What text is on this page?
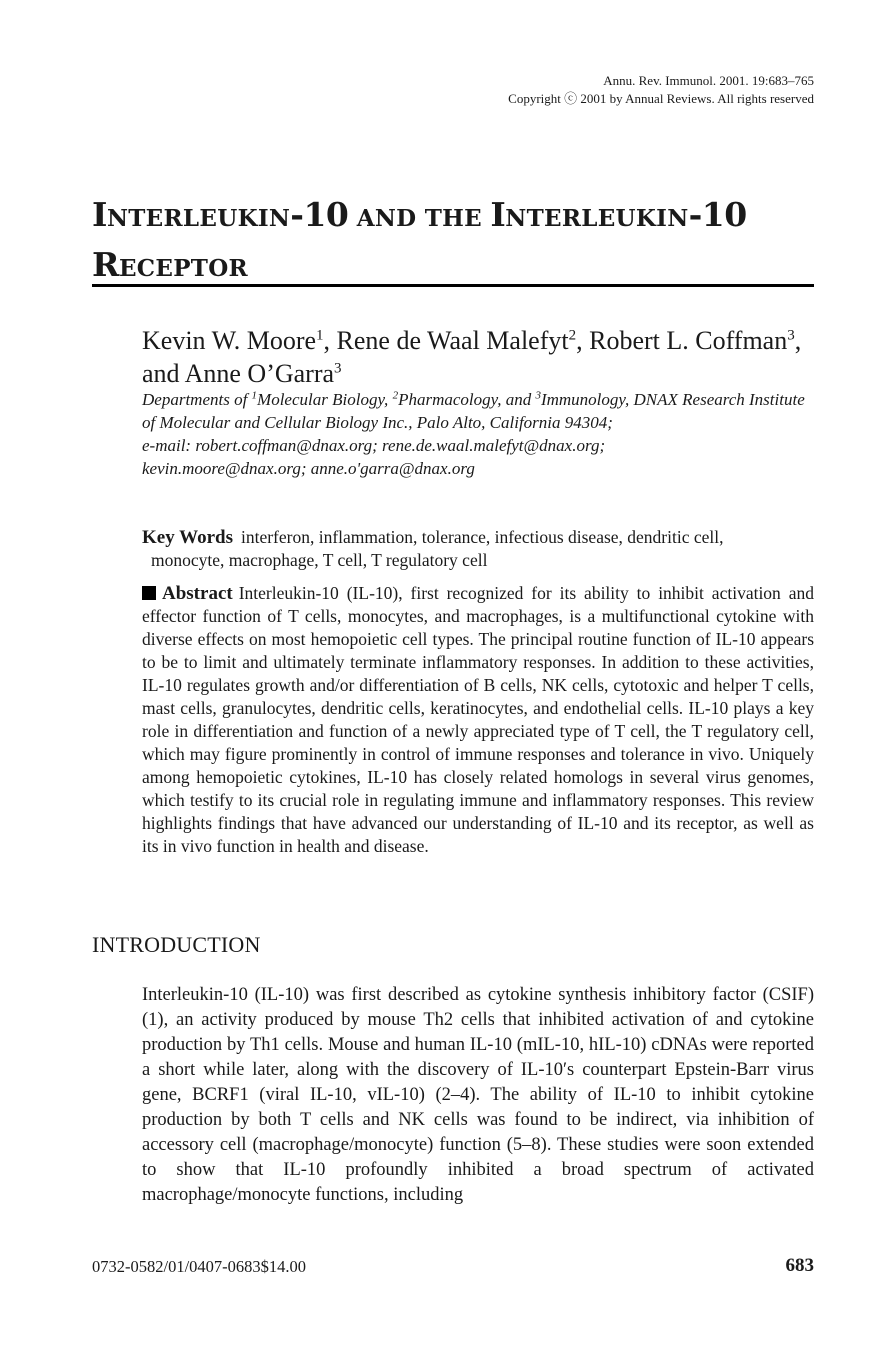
Annu. Rev. Immunol. 2001. 19:683–765
Copyright ⓒ 2001 by Annual Reviews. All rights reserved
INTERLEUKIN-10 AND THE INTERLEUKIN-10
RECEPTOR
Kevin W. Moore$^1$, Rene de Waal Malefyt$^2$, Robert L. Coffman$^3$, and Anne O’Garra$^3$
Departments of $^1$Molecular Biology, $^2$Pharmacology, and $^3$Immunology, DNAX Research Institute of Molecular and Cellular Biology Inc., Palo Alto, California 94304;
e-mail: robert.coffman@dnax.org; rene.de.waal.malefyt@dnax.org;
kevin.moore@dnax.org; anne.o'garra@dnax.org
Key Words interferon, inflammation, tolerance, infectious disease, dendritic cell,
monocyte, macrophage, T cell, T regulatory cell
Abstract Interleukin-10 (IL-10), first recognized for its ability to inhibit activation and effector function of T cells, monocytes, and macrophages, is a multifunctional cytokine with diverse effects on most hemopoietic cell types. The principal routine function of IL-10 appears to be to limit and ultimately terminate inflammatory responses. In addition to these activities, IL-10 regulates growth and/or differentiation of B cells, NK cells, cytotoxic and helper T cells, mast cells, granulocytes, dendritic cells, keratinocytes, and endothelial cells. IL-10 plays a key role in differentiation and function of a newly appreciated type of T cell, the T regulatory cell, which may figure prominently in control of immune responses and tolerance in vivo. Uniquely among hemopoietic cytokines, IL-10 has closely related homologs in several virus genomes, which testify to its crucial role in regulating immune and inflammatory responses. This review highlights findings that have advanced our understanding of IL-10 and its receptor, as well as its in vivo function in health and disease.
INTRODUCTION
Interleukin-10 (IL-10) was first described as cytokine synthesis inhibitory factor (CSIF) (1), an activity produced by mouse Th2 cells that inhibited activation of and cytokine production by Th1 cells. Mouse and human IL-10 (mIL-10, hIL-10) cDNAs were reported a short while later, along with the discovery of IL-10′s counterpart Epstein-Barr virus gene, BCRF1 (viral IL-10, vIL-10) (2–4). The ability of IL-10 to inhibit cytokine production by both T cells and NK cells was found to be indirect, via inhibition of accessory cell (macrophage/monocyte) function (5–8). These studies were soon extended to show that IL-10 profoundly inhibited a broad spectrum of activated macrophage/monocyte functions, including
0732-0582/01/0407-0683$14.00	683
